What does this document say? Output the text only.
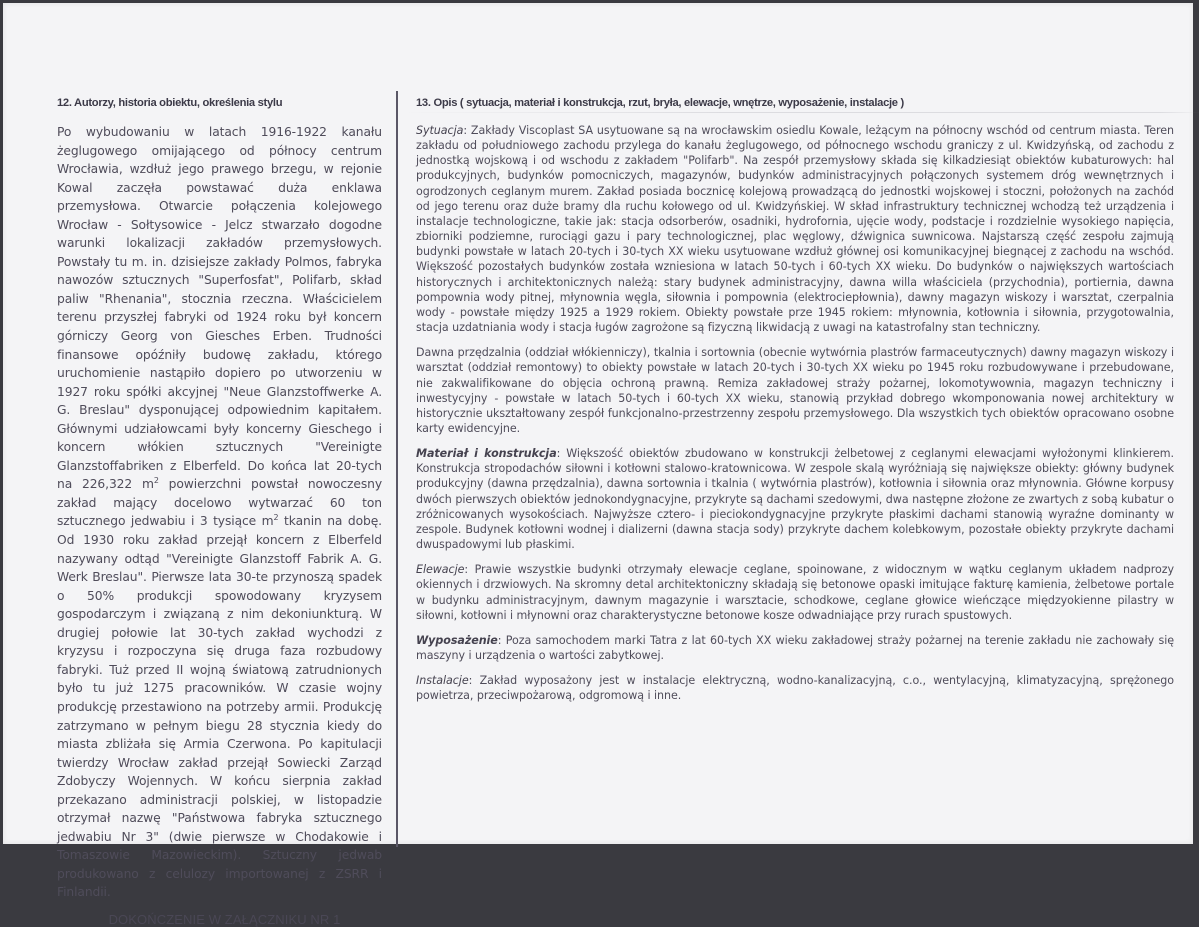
12. Autorzy, historia obiektu, określenia stylu

Po wybudowaniu w latach 1916-1922 kanału żeglugowego omijającego od północy centrum Wrocławia, wzdłuż jego prawego brzegu, w rejonie Kowal zaczęła powstawać duża enklawa przemysłowa. Otwarcie połączenia kolejowego Wrocław - Sołtysowice - Jelcz stwarzało dogodne warunki lokalizacji zakładów przemysłowych. Powstały tu m. in. dzisiejsze zakłady Polmos, fabryka nawozów sztucznych "Superfosfat", Polifarb, skład paliw "Rhenania", stocznia rzeczna. Właścicielem terenu przyszłej fabryki od 1924 roku był koncern górniczy Georg von Giesches Erben. Trudności finansowe opóźniły budowę zakładu, którego uruchomienie nastąpiło dopiero po utworzeniu w 1927 roku spółki akcyjnej "Neue Glanzstoffwerke A. G. Breslau" dysponującej odpowiednim kapitałem. Głównymi udziałowcami były koncerny Gieschego i koncern włókien sztucznych "Vereinigte Glanzstoffabriken z Elberfeld. Do końca lat 20-tych na 226,322 $m^2$ powierzchni powstał nowoczesny zakład mający docelowo wytwarzać 60 ton sztucznego jedwabiu i 3 tysiące $m^2$ tkanin na dobę. Od 1930 roku zakład przejął koncern z Elberfeld nazywany odtąd "Vereinigte Glanzstoff Fabrik A. G. Werk Breslau". Pierwsze lata 30-te przynoszą spadek o 50% produkcji spowodowany kryzysem gospodarczym i związaną z nim dekoniunkturą. W drugiej połowie lat 30-tych zakład wychodzi z kryzysu i rozpoczyna się druga faza rozbudowy fabryki. Tuż przed II wojną światową zatrudnionych było tu już 1275 pracowników. W czasie wojny produkcję przestawiono na potrzeby armii. Produkcję zatrzymano w pełnym biegu 28 stycznia kiedy do miasta zbliżała się Armia Czerwona. Po kapitulacji twierdzy Wrocław zakład przejął Sowiecki Zarząd Zdobyczy Wojennych. W końcu sierpnia zakład przekazano administracji polskiej, w listopadzie otrzymał nazwę "Państwowa fabryka sztucznego jedwabiu Nr 3" (dwie pierwsze w Chodakowie i Tomaszowie Mazowieckim). Sztuczny jedwab produkowano z celulozy importowanej z ZSRR i Finlandii.

DOKOŃCZENIE W ZAŁĄCZNIKU NR 1
13. Opis ( sytuacja, materiał i konstrukcja, rzut, bryła, elewacje, wnętrze, wyposażenie, instalacje )

Sytuacja: Zakłady Viscoplast SA usytuowane są na wrocławskim osiedlu Kowale, leżącym na północny wschód od centrum miasta. Teren zakładu od południowego zachodu przylega do kanału żeglugowego, od północnego wschodu graniczy z ul. Kwidzyńską, od zachodu z jednostką wojskową i od wschodu z zakładem "Polifarb". Na zespół przemysłowy składa się kilkadziesiąt obiektów kubaturowych: hal produkcyjnych, budynków pomocniczych, magazynów, budynków administracyjnych połączonych systemem dróg wewnętrznych i ogrodzonych ceglanym murem. Zakład posiada bocznicę kolejową prowadzącą do jednostki wojskowej i stoczni, położonych na zachód od jego terenu oraz duże bramy dla ruchu kołowego od ul. Kwidzyńskiej. W skład infrastruktury technicznej wchodzą też urządzenia i instalacje technologiczne, takie jak: stacja odsorberów, osadniki, hydrofornia, ujęcie wody, podstacje i rozdzielnie wysokiego napięcia, zbiorniki podziemne, rurociągi gazu i pary technologicznej, plac węglowy, dźwignica suwnicowa. Najstarszą część zespołu zajmują budynki powstałe w latach 20-tych i 30-tych XX wieku usytuowane wzdłuż głównej osi komunikacyjnej biegnącej z zachodu na wschód. Większość pozostałych budynków została wzniesiona w latach 50-tych i 60-tych XX wieku. Do budynków o największych wartościach historycznych i architektonicznych należą: stary budynek administracyjny, dawna willa właściciela (przychodnia), portiernia, dawna pompownia wody pitnej, młynownia węgla, siłownia i pompownia (elektrociepłownia), dawny magazyn wiskozy i warsztat, czerpalnia wody - powstałe między 1925 a 1929 rokiem. Obiekty powstałe prze 1945 rokiem: młynownia, kotłownia i siłownia, przygotowalnia, stacja uzdatniania wody i stacja ługów zagrożone są fizyczną likwidacją z uwagi na katastrofalny stan techniczny.

Dawna przędzalnia (oddział włókienniczy), tkalnia i sortownia (obecnie wytwórnia plastrów farmaceutycznych) dawny magazyn wiskozy i warsztat (oddział remontowy) to obiekty powstałe w latach 20-tych i 30-tych XX wieku po 1945 roku rozbudowywane i przebudowane, nie zakwalifikowane do objęcia ochroną prawną. Remiza zakładowej straży pożarnej, lokomotywownia, magazyn techniczny i inwestycyjny - powstałe w latach 50-tych i 60-tych XX wieku, stanowią przykład dobrego wkomponowania nowej architektury w historycznie ukształtowany zespół funkcjonalno-przestrzenny zespołu przemysłowego. Dla wszystkich tych obiektów opracowano osobne karty ewidencyjne.

Materiał i konstrukcja: Większość obiektów zbudowano w konstrukcji żelbetowej z ceglanymi elewacjami wyłożonymi klinkierem. Konstrukcja stropodachów siłowni i kotłowni stalowo-kratownicowa. W zespole skalą wyróżniają się największe obiekty: główny budynek produkcyjny (dawna przędzalnia), dawna sortownia i tkalnia ( wytwórnia plastrów), kotłownia i siłownia oraz młynownia. Główne korpusy dwóch pierwszych obiektów jednokondygnacyjne, przykryte są dachami szedowymi, dwa następne złożone ze zwartych z sobą kubatur o zróżnicowanych wysokościach. Najwyższe cztero- i pieciokondygnacyjne przykryte płaskimi dachami stanowią wyraźne dominanty w zespole. Budynek kotłowni wodnej i dializerni (dawna stacja sody) przykryte dachem kolebkowym, pozostałe obiekty przykryte dachami dwuspadowymi lub płaskimi.

Elewacje: Prawie wszystkie budynki otrzymały elewacje ceglane, spoinowane, z widocznym w wątku ceglanym układem nadprozy okiennych i drzwiowych. Na skromny detal architektoniczny składają się betonowe opaski imitujące fakturę kamienia, żelbetowe portale w budynku administracyjnym, dawnym magazynie i warsztacie, schodkowe, ceglane głowice wieńczące międzyokienne pilastry w siłowni, kotłowni i młynowni oraz charakterystyczne betonowe kosze odwadniające przy rurach spustowych.

Wyposażenie: Poza samochodem marki Tatra z lat 60-tych XX wieku zakładowej straży pożarnej na terenie zakładu nie zachowały się maszyny i urządzenia o wartości zabytkowej.

Instalacje: Zakład wyposażony jest w instalacje elektryczną, wodno-kanalizacyjną, c.o., wentylacyjną, klimatyzacyjną, sprężonego powietrza, przeciwpożarową, odgromową i inne.
